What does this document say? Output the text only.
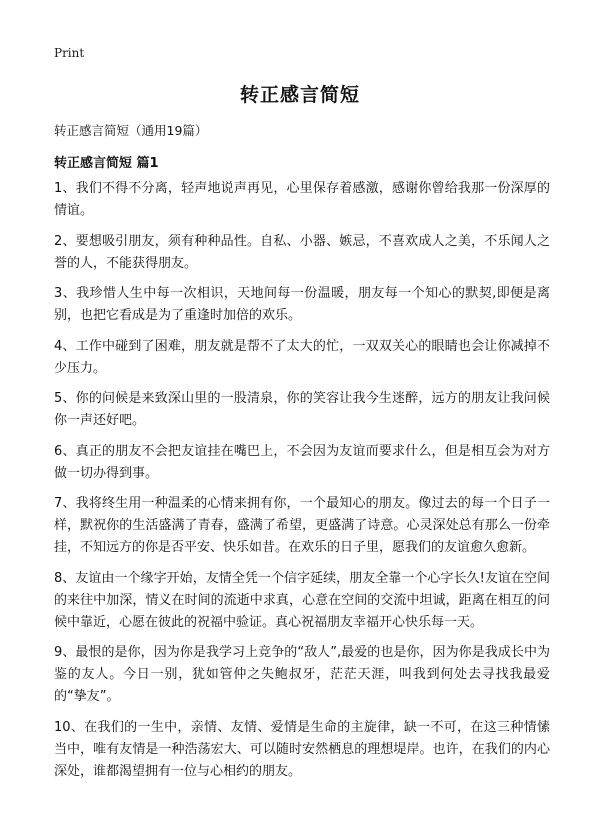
Print
转正感言简短

转正感言简短（通用19篇）

转正感言简短 篇1

1、我们不得不分离，轻声地说声再见，心里保存着感激，感谢你曾给我那一份深厚的情谊。

2、要想吸引朋友，须有种种品性。自私、小器、嫉忌，不喜欢成人之美，不乐闻人之誉的人，不能获得朋友。

3、我珍惜人生中每一次相识，天地间每一份温暖，朋友每一个知心的默契,即便是离别，也把它看成是为了重逢时加倍的欢乐。

4、工作中碰到了困难，朋友就是帮不了太大的忙，一双双关心的眼睛也会让你减掉不少压力。

5、你的问候是来致深山里的一股清泉，你的笑容让我今生迷醉，远方的朋友让我问候你一声还好吧。

6、真正的朋友不会把友谊挂在嘴巴上，不会因为友谊而要求什么，但是相互会为对方做一切办得到事。

7、我将终生用一种温柔的心情来拥有你，一个最知心的朋友。像过去的每一个日子一样，默祝你的生活盛满了青春，盛满了希望，更盛满了诗意。心灵深处总有那么一份牵挂，不知远方的你是否平安、快乐如昔。在欢乐的日子里，愿我们的友谊愈久愈新。

8、友谊由一个缘字开始，友情全凭一个信字延续，朋友全靠一个心字长久!友谊在空间的来往中加深，情义在时间的流逝中求真，心意在空间的交流中坦诚，距离在相互的问候中靠近，心愿在彼此的祝福中验证。真心祝福朋友幸福开心快乐每一天。

9、最恨的是你，因为你是我学习上竞争的“敌人”,最爱的也是你，因为你是我成长中为鉴的友人。今日一别，犹如管仲之失鲍叔牙，茫茫天涯，叫我到何处去寻找我最爱的“挚友”。

10、在我们的一生中，亲情、友情、爱情是生命的主旋律，缺一不可，在这三种情愫当中，唯有友情是一种浩荡宏大、可以随时安然栖息的理想堤岸。也许，在我们的内心深处，谁都渴望拥有一位与心相约的朋友。
